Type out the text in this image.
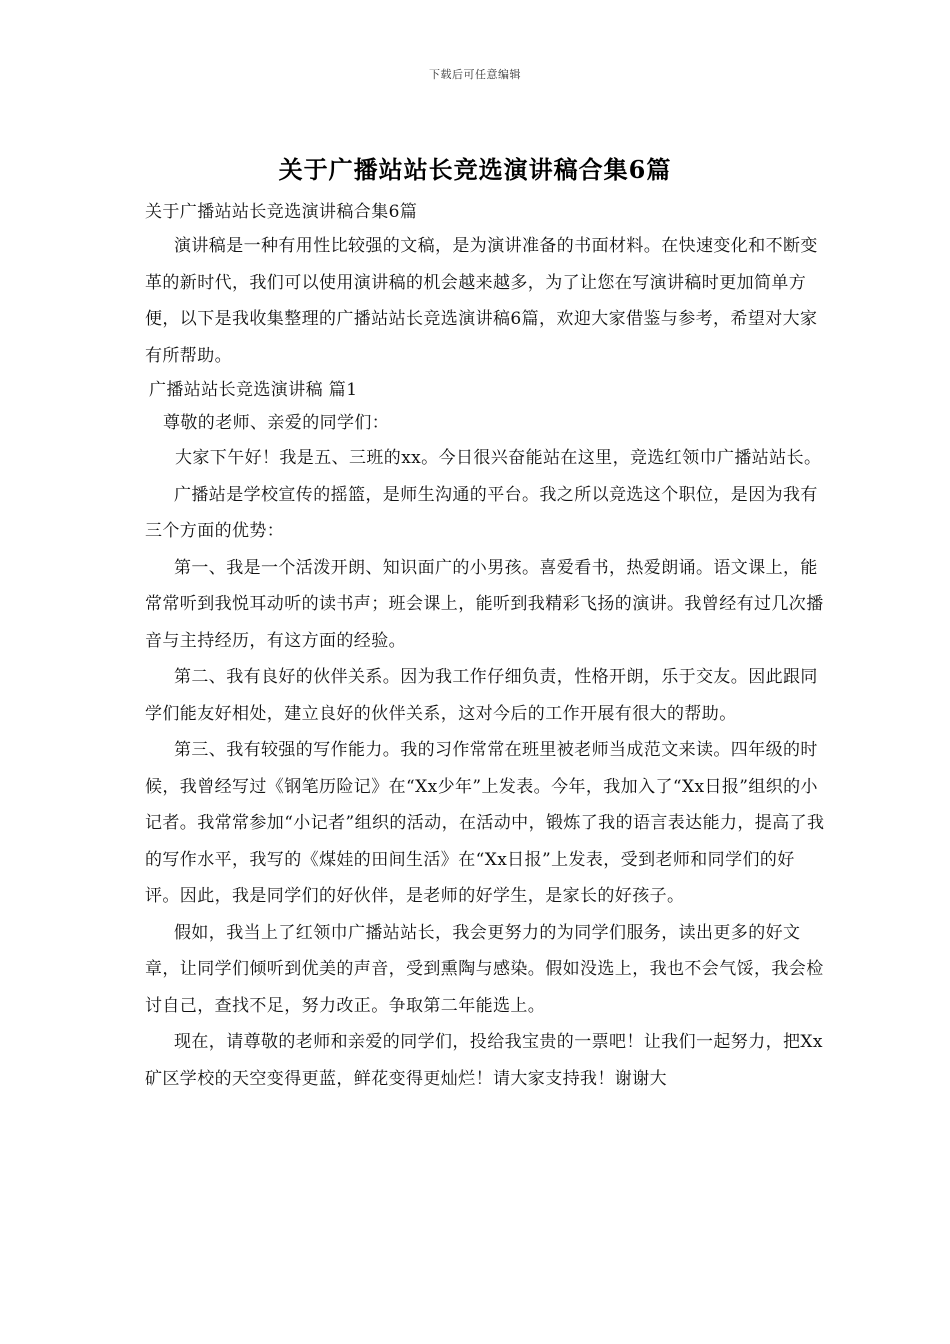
下载后可任意编辑
关于广播站站长竞选演讲稿合集6篇

关于广播站站长竞选演讲稿合集6篇

演讲稿是一种有用性比较强的文稿，是为演讲准备的书面材料。在快速变化和不断变革的新时代，我们可以使用演讲稿的机会越来越多，为了让您在写演讲稿时更加简单方便，以下是我收集整理的广播站站长竞选演讲稿6篇，欢迎大家借鉴与参考，希望对大家有所帮助。

广播站站长竞选演讲稿 篇1

尊敬的老师、亲爱的同学们：

大家下午好！我是五、三班的xx。今日很兴奋能站在这里，竞选红领巾广播站站长。

广播站是学校宣传的摇篮，是师生沟通的平台。我之所以竞选这个职位，是因为我有三个方面的优势：

第一、我是一个活泼开朗、知识面广的小男孩。喜爱看书，热爱朗诵。语文课上，能常常听到我悦耳动听的读书声；班会课上，能听到我精彩飞扬的演讲。我曾经有过几次播音与主持经历，有这方面的经验。

第二、我有良好的伙伴关系。因为我工作仔细负责，性格开朗，乐于交友。因此跟同学们能友好相处，建立良好的伙伴关系，这对今后的工作开展有很大的帮助。

第三、我有较强的写作能力。我的习作常常在班里被老师当成范文来读。四年级的时候，我曾经写过《钢笔历险记》在“Xx少年”上发表。今年，我加入了“Xx日报”组织的小记者。我常常参加“小记者”组织的活动，在活动中，锻炼了我的语言表达能力，提高了我的写作水平，我写的《煤娃的田间生活》在“Xx日报”上发表，受到老师和同学们的好评。因此，我是同学们的好伙伴，是老师的好学生，是家长的好孩子。

假如，我当上了红领巾广播站站长，我会更努力的为同学们服务，读出更多的好文章，让同学们倾听到优美的声音，受到熏陶与感染。假如没选上，我也不会气馁，我会检讨自己，查找不足，努力改正。争取第二年能选上。

现在，请尊敬的老师和亲爱的同学们，投给我宝贵的一票吧！让我们一起努力，把Xx矿区学校的天空变得更蓝，鲜花变得更灿烂！请大家支持我！谢谢大
